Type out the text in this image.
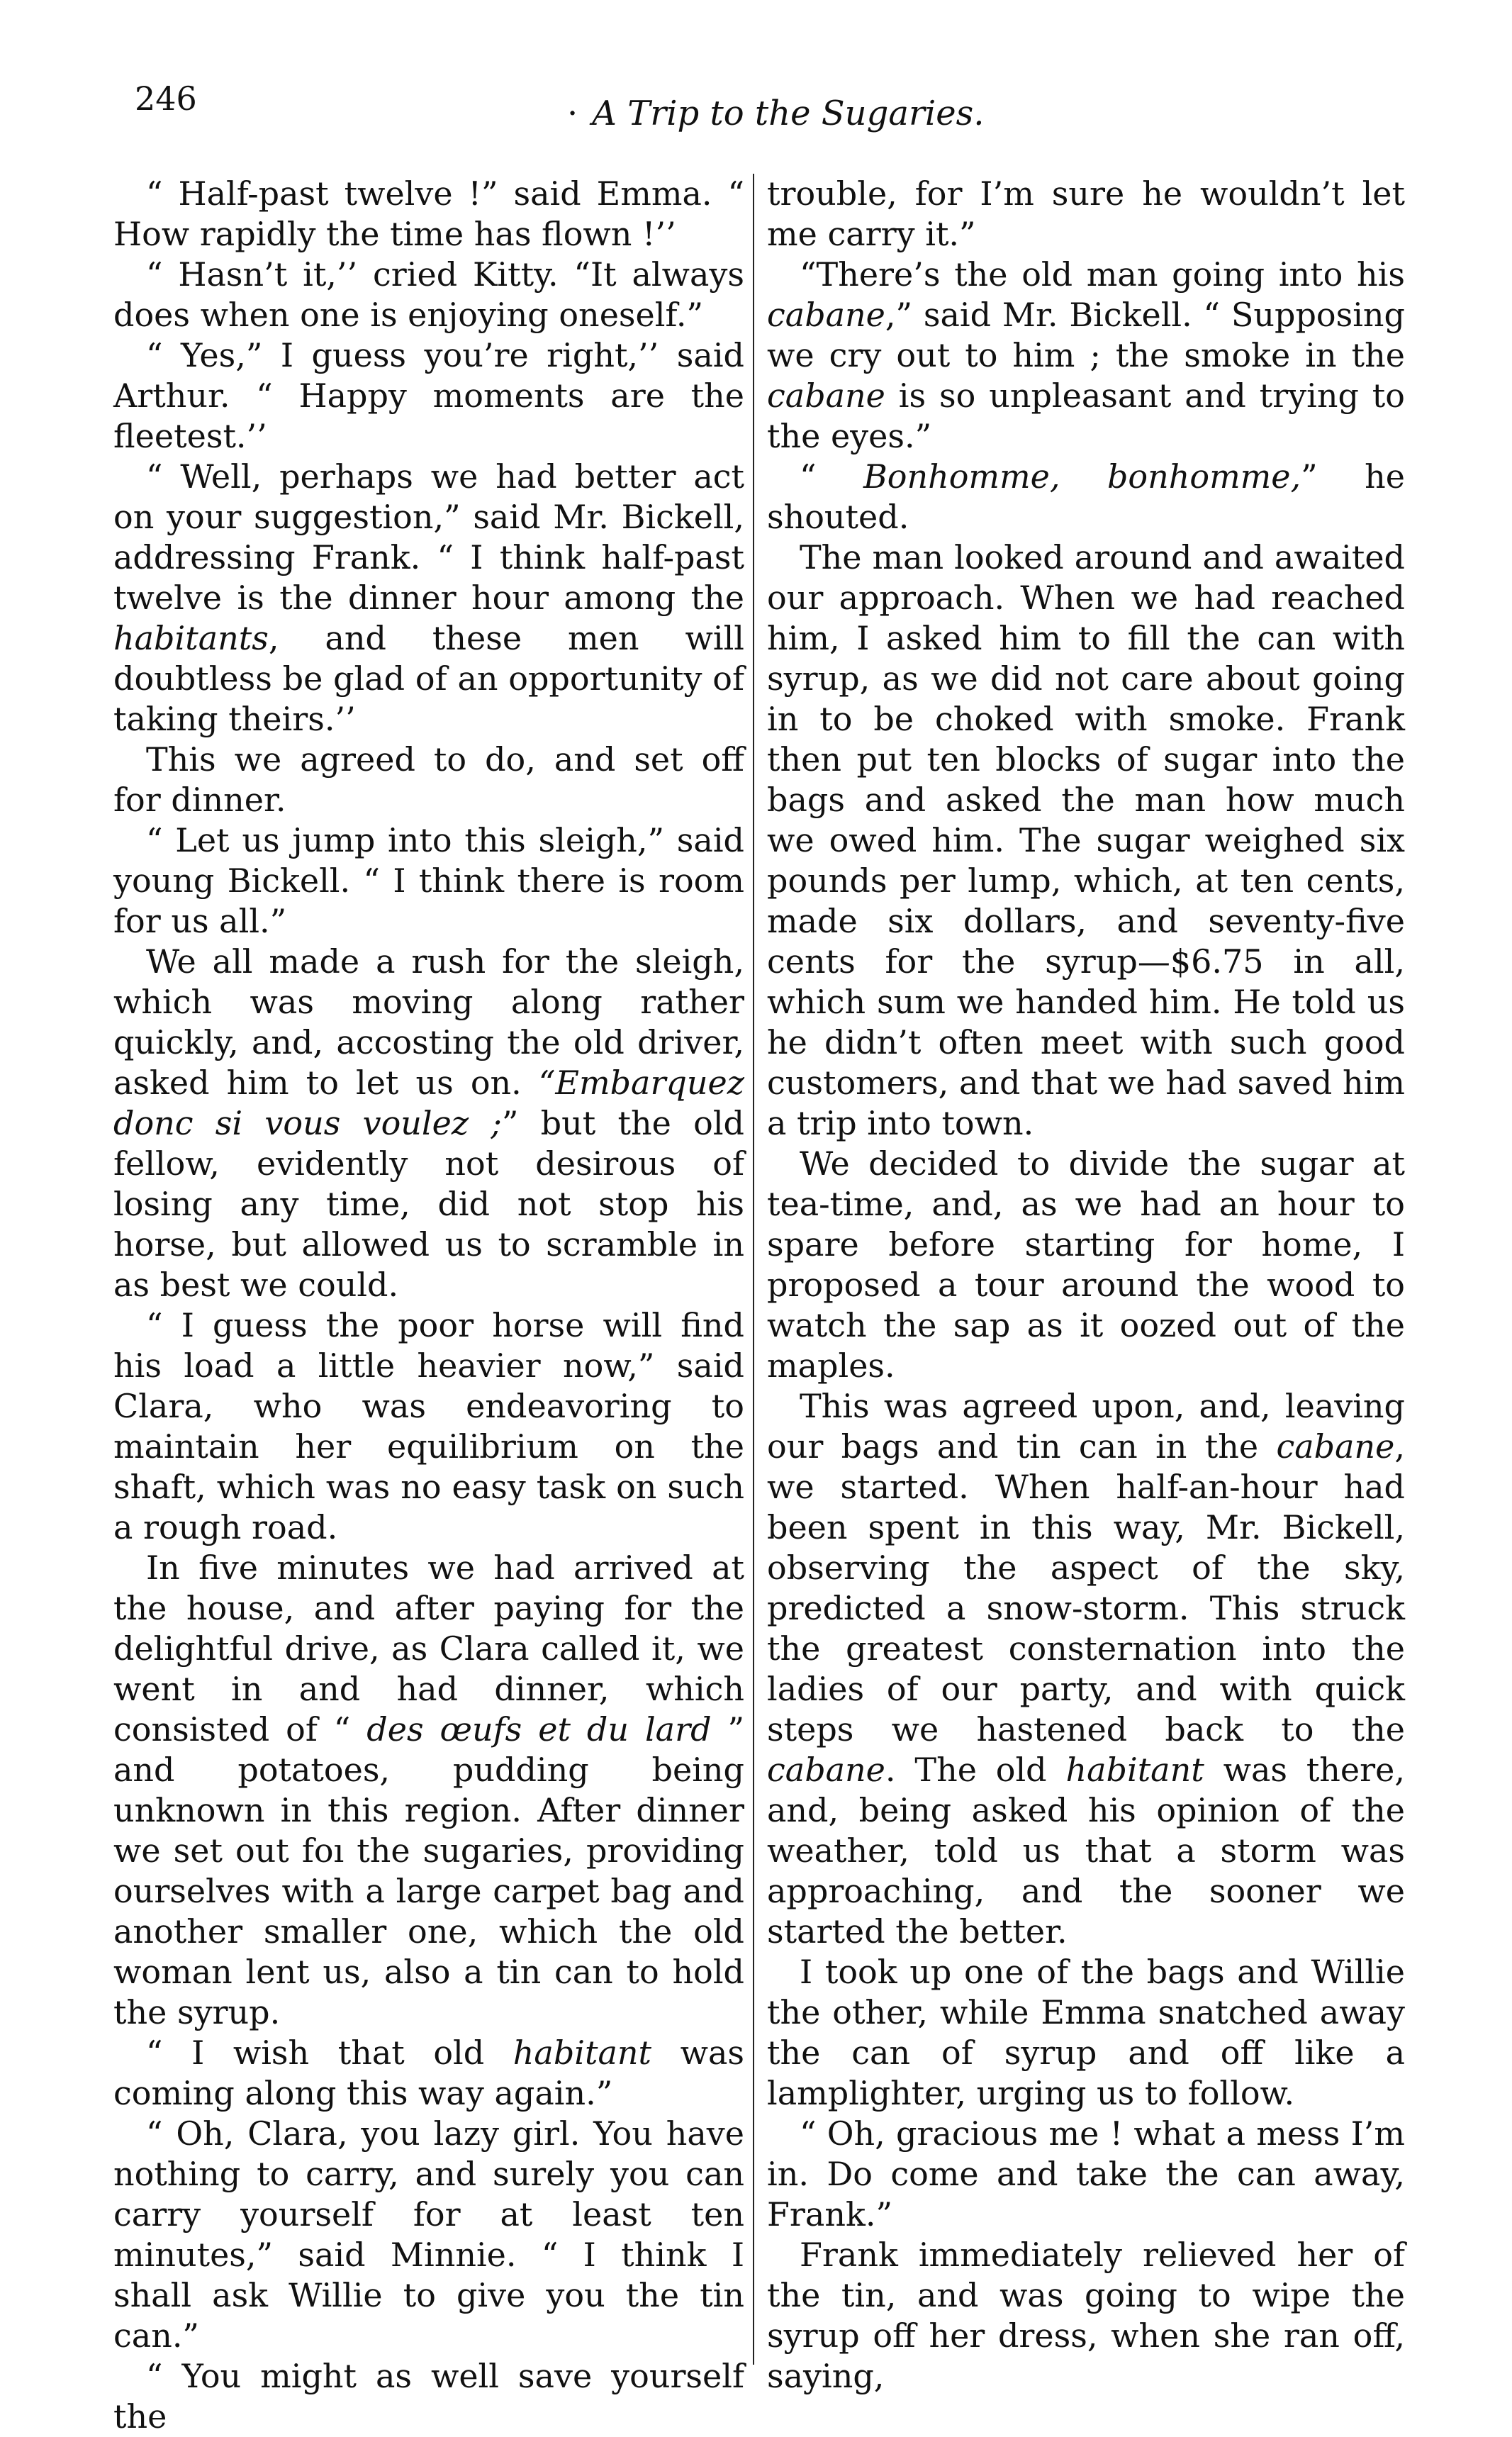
246	· A Trip to the Sugaries.

“ Half-past twelve !” said Emma. “ How rapidly the time has flown !’’

“ Hasn’t it,’’ cried Kitty. “It always does when one is enjoying oneself.”

“ Yes,” I guess you’re right,’’ said Arthur. “ Happy moments are the fleetest.’’

“ Well, perhaps we had better act on your suggestion,” said Mr. Bickell, addressing Frank. “ I think half-past twelve is the dinner hour among the habitants, and these men will doubtless be glad of an opportunity of taking theirs.’’

This we agreed to do, and set off for dinner.

“ Let us jump into this sleigh,” said young Bickell. “ I think there is room for us all.”

We all made a rush for the sleigh, which was moving along rather quickly, and, accosting the old driver, asked him to let us on. “Embarquez donc si vous voulez ;” but the old fellow, evidently not desirous of losing any time, did not stop his horse, but allowed us to scramble in as best we could.

“ I guess the poor horse will find his load a little heavier now,” said Clara, who was endeavoring to maintain her equilibrium on the shaft, which was no easy task on such a rough road.

In five minutes we had arrived at the house, and after paying for the delightful drive, as Clara called it, we went in and had dinner, which consisted of “ des œufs et du lard ” and potatoes, pudding being unknown in this region. After dinner we set out foı the sugaries, providing ourselves with a large carpet bag and another smaller one, which the old woman lent us, also a tin can to hold the syrup.

“ I wish that old habitant was coming along this way again.”

“ Oh, Clara, you lazy girl. You have nothing to carry, and surely you can carry yourself for at least ten minutes,” said Minnie. “ I think I shall ask Willie to give you the tin can.”

“ You might as well save yourself the

trouble, for I’m sure he wouldn’t let me carry it.”

“There’s the old man going into his cabane,” said Mr. Bickell. “ Supposing we cry out to him ; the smoke in the cabane is so unpleasant and trying to the eyes.”

“ Bonhomme, bonhomme,” he shouted.

The man looked around and awaited our approach. When we had reached him, I asked him to fill the can with syrup, as we did not care about going in to be choked with smoke. Frank then put ten blocks of sugar into the bags and asked the man how much we owed him. The sugar weighed six pounds per lump, which, at ten cents, made six dollars, and seventy-five cents for the syrup—$6.75 in all, which sum we handed him. He told us he didn’t often meet with such good customers, and that we had saved him a trip into town.

We decided to divide the sugar at tea-time, and, as we had an hour to spare before starting for home, I proposed a tour around the wood to watch the sap as it oozed out of the maples.

This was agreed upon, and, leaving our bags and tin can in the cabane, we started. When half-an-hour had been spent in this way, Mr. Bickell, observing the aspect of the sky, predicted a snow-storm. This struck the greatest consternation into the ladies of our party, and with quick steps we hastened back to the cabane. The old habitant was there, and, being asked his opinion of the weather, told us that a storm was approaching, and the sooner we started the better.

I took up one of the bags and Willie the other, while Emma snatched away the can of syrup and off like a lamplighter, urging us to follow.

“ Oh, gracious me ! what a mess I’m in. Do come and take the can away, Frank.”

Frank immediately relieved her of the tin, and was going to wipe the syrup off her dress, when she ran off, saying,
